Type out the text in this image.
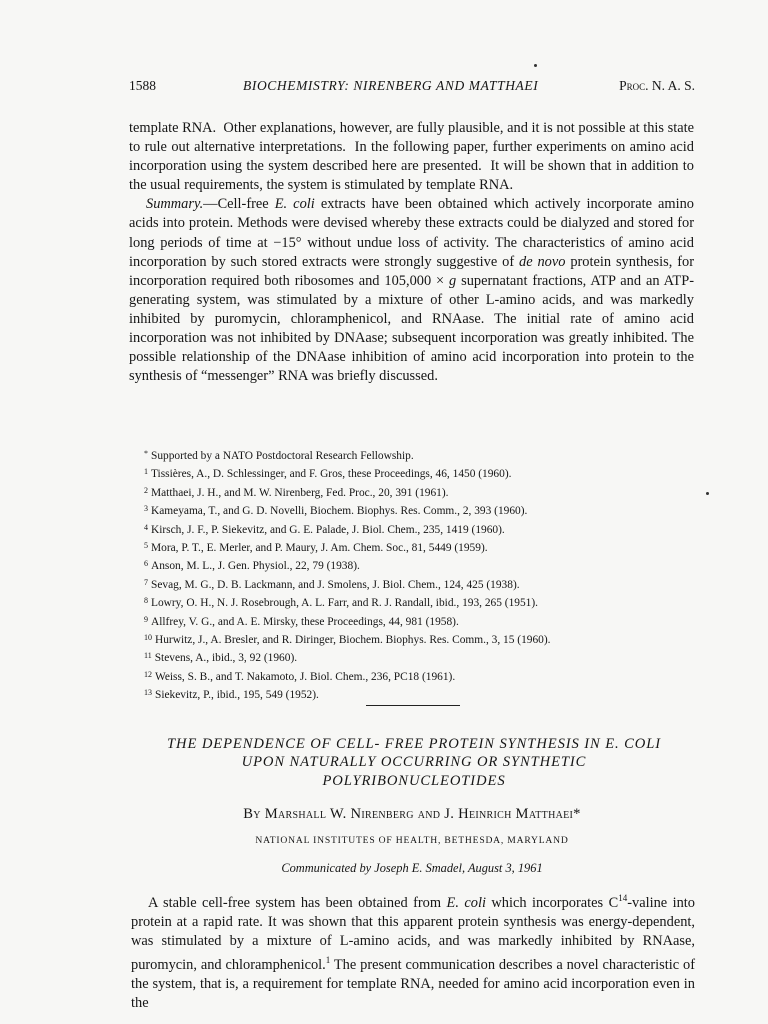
1588	BIOCHEMISTRY: NIRENBERG AND MATTHAEI	Proc. N. A. S.

template RNA. Other explanations, however, are fully plausible, and it is not possible at this state to rule out alternative interpretations. In the following paper, further experiments on amino acid incorporation using the system described here are presented. It will be shown that in addition to the usual requirements, the system is stimulated by template RNA.

Summary.—Cell-free E. coli extracts have been obtained which actively incorporate amino acids into protein. Methods were devised whereby these extracts could be dialyzed and stored for long periods of time at −15° without undue loss of activity. The characteristics of amino acid incorporation by such stored extracts were strongly suggestive of de novo protein synthesis, for incorporation required both ribosomes and 105,000 × g supernatant fractions, ATP and an ATP-generating system, was stimulated by a mixture of other L-amino acids, and was markedly inhibited by puromycin, chloramphenicol, and RNAase. The initial rate of amino acid incorporation was not inhibited by DNAase; subsequent incorporation was greatly inhibited. The possible relationship of the DNAase inhibition of amino acid incorporation into protein to the synthesis of “messenger” RNA was briefly discussed.

* Supported by a NATO Postdoctoral Research Fellowship.
$^1$ Tissières, A., D. Schlessinger, and F. Gros, these Proceedings, 46, 1450 (1960).
$^2$ Matthaei, J. H., and M. W. Nirenberg, Fed. Proc., 20, 391 (1961).
$^3$ Kameyama, T., and G. D. Novelli, Biochem. Biophys. Res. Comm., 2, 393 (1960).
$^4$ Kirsch, J. F., P. Siekevitz, and G. E. Palade, J. Biol. Chem., 235, 1419 (1960).
$^5$ Mora, P. T., E. Merler, and P. Maury, J. Am. Chem. Soc., 81, 5449 (1959).
$^6$ Anson, M. L., J. Gen. Physiol., 22, 79 (1938).
$^7$ Sevag, M. G., D. B. Lackmann, and J. Smolens, J. Biol. Chem., 124, 425 (1938).
$^8$ Lowry, O. H., N. J. Rosebrough, A. L. Farr, and R. J. Randall, ibid., 193, 265 (1951).
$^9$ Allfrey, V. G., and A. E. Mirsky, these Proceedings, 44, 981 (1958).
$^{10}$ Hurwitz, J., A. Bresler, and R. Diringer, Biochem. Biophys. Res. Comm., 3, 15 (1960).
$^{11}$ Stevens, A., ibid., 3, 92 (1960).
$^{12}$ Weiss, S. B., and T. Nakamoto, J. Biol. Chem., 236, PC18 (1961).
$^{13}$ Siekevitz, P., ibid., 195, 549 (1952).
THE DEPENDENCE OF CELL- FREE PROTEIN SYNTHESIS IN E. COLI
UPON NATURALLY OCCURRING OR SYNTHETIC
POLYRIBONUCLEOTIDES
By Marshall W. Nirenberg and J. Heinrich Matthaei*
NATIONAL INSTITUTES OF HEALTH, BETHESDA, MARYLAND
Communicated by Joseph E. Smadel, August 3, 1961

A stable cell-free system has been obtained from E. coli which incorporates $C^{14}$-valine into protein at a rapid rate. It was shown that this apparent protein synthesis was energy-dependent, was stimulated by a mixture of L-amino acids, and was markedly inhibited by RNAase, puromycin, and chloramphenicol.$^1$ The present communication describes a novel characteristic of the system, that is, a requirement for template RNA, needed for amino acid incorporation even in the
